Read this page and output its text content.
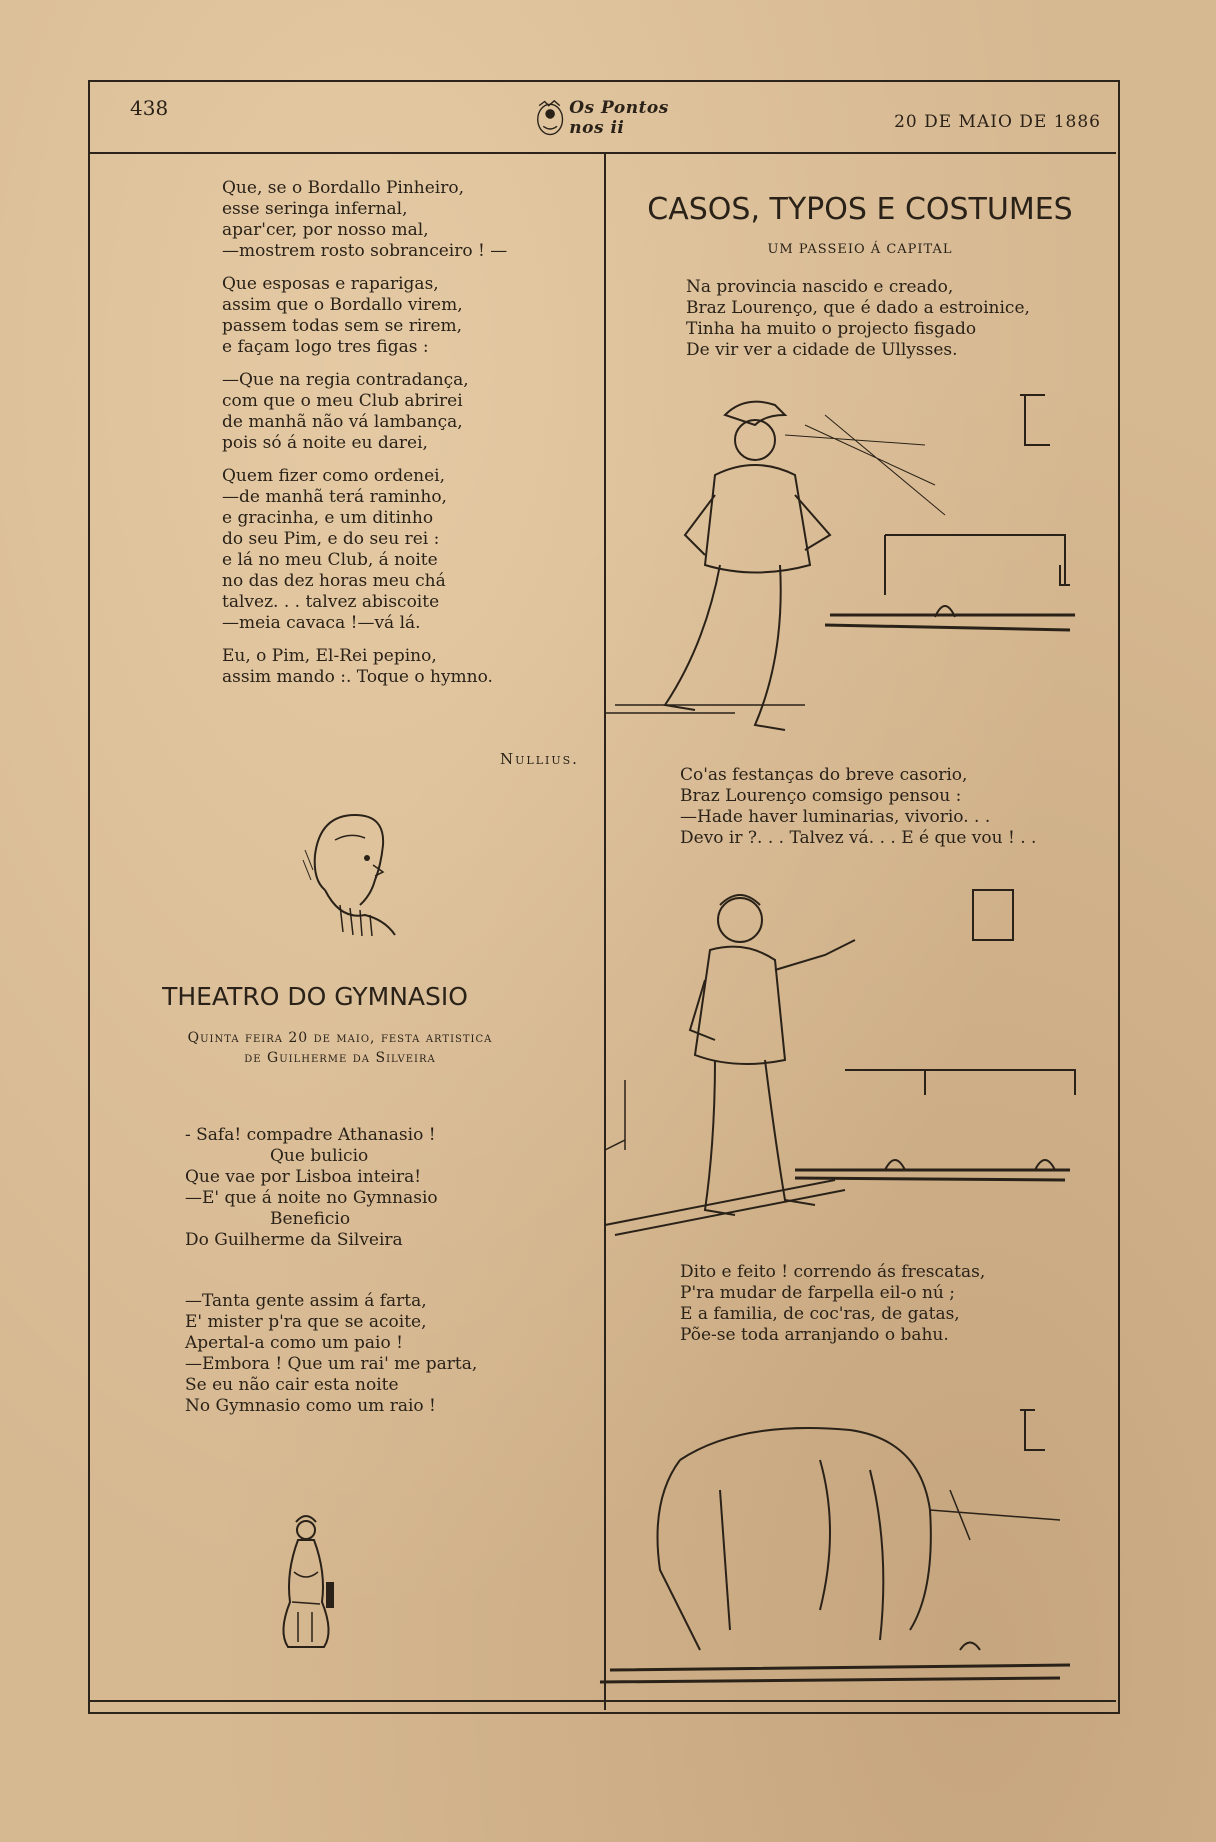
438	Os Pontos nos ii	20 DE MAIO DE 1886
Que, se o Bordallo Pinheiro,
esse seringa infernal,
apar'cer, por nosso mal,
—mostrem rosto sobranceiro ! —
Que esposas e raparigas,
assim que o Bordallo virem,
passem todas sem se rirem,
e façam logo tres figas :
—Que na regia contradança,
com que o meu Club abrirei
de manhã não vá lambança,
pois só á noite eu darei,
Quem fizer como ordenei,
—de manhã terá raminho,
e gracinha, e um ditinho
do seu Pim, e do seu rei :
e lá no meu Club, á noite
no das dez horas meu chá
talvez. . . talvez abiscoite
—meia cavaca !—vá lá.
Eu, o Pim, El-Rei pepino,
assim mando :. Toque o hymno.
Nullius.
THEATRO DO GYMNASIO
Quinta feira 20 de maio, festa artistica
de Guilherme da Silveira
- Safa! compadre Athanasio !
Que bulicio
Que vae por Lisboa inteira!
—E' que á noite no Gymnasio
Beneficio
Do Guilherme da Silveira
—Tanta gente assim á farta,
E' mister p'ra que se acoite,
Apertal-a como um paio !
—Embora ! Que um rai' me parta,
Se eu não cair esta noite
No Gymnasio como um raio !
CASOS, TYPOS E COSTUMES
UM PASSEIO Á CAPITAL
Na provincia nascido e creado,
Braz Lourenço, que é dado a estroinice,
Tinha ha muito o projecto fisgado
De vir ver a cidade de Ullysses.
Co'as festanças do breve casorio,
Braz Lourenço comsigo pensou :
—Hade haver luminarias, vivorio. . .
Devo ir ?. . . Talvez vá. . . E é que vou ! . .
Dito e feito ! correndo ás frescatas,
P'ra mudar de farpella eil-o nú ;
E a familia, de coc'ras, de gatas,
Põe-se toda arranjando o bahu.
